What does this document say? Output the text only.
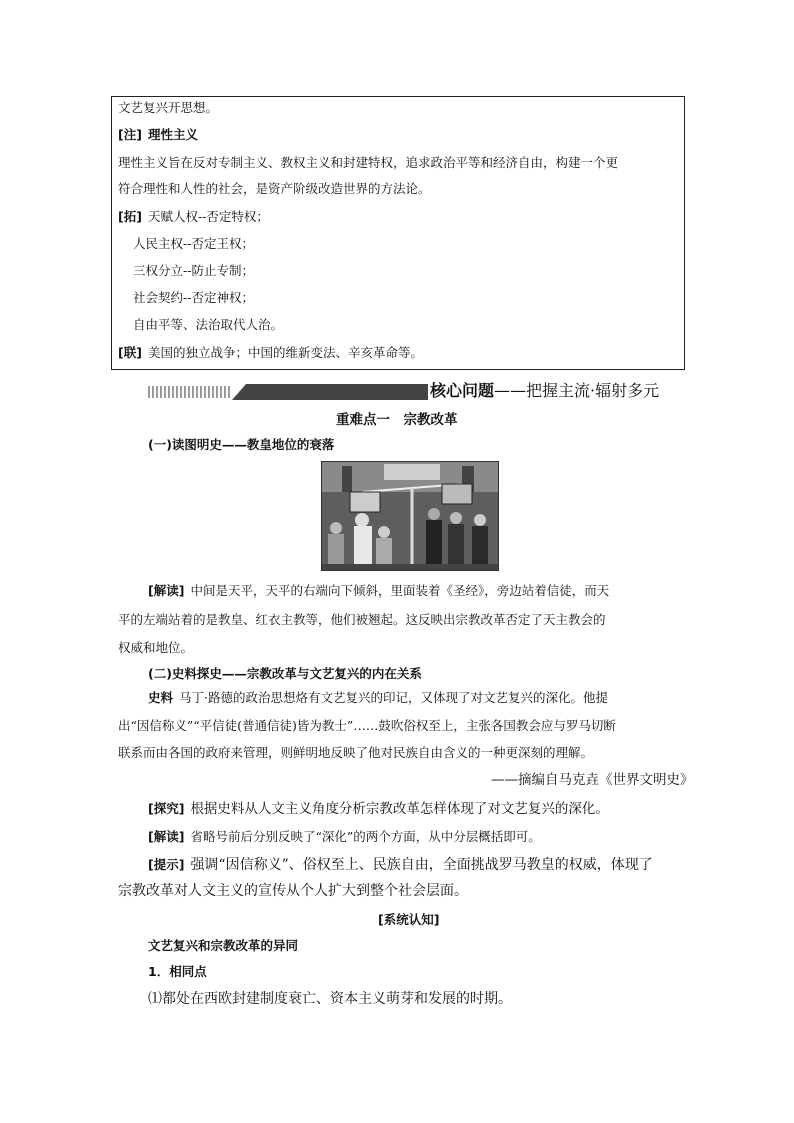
文艺复兴开思想。
[注] 理性主义
理性主义旨在反对专制主义、教权主义和封建特权，追求政治平等和经济自由，构建一个更
符合理性和人性的社会，是资产阶级改造世界的方法论。
[拓] 天赋人权--否定特权；
人民主权--否定王权；
三权分立--防止专制；
社会契约--否定神权；
自由平等、法治取代人治。
[联] 美国的独立战争；中国的维新变法、辛亥革命等。
核心问题——把握主流·辐射多元
重难点一　宗教改革
(一)读图明史——教皇地位的衰落
[解读] 中间是天平，天平的右端向下倾斜，里面装着《圣经》，旁边站着信徒，而天
平的左端站着的是教皇、红衣主教等，他们被翘起。这反映出宗教改革否定了天主教会的
权威和地位。
(二)史料探史——宗教改革与文艺复兴的内在关系
史料 马丁·路德的政治思想烙有文艺复兴的印记，又体现了对文艺复兴的深化。他提
出“因信称义”“平信徒(普通信徒)皆为教士”……鼓吹俗权至上，主张各国教会应与罗马切断
联系而由各国的政府来管理，则鲜明地反映了他对民族自由含义的一种更深刻的理解。
——摘编自马克垚《世界文明史》
[探究] 根据史料从人文主义角度分析宗教改革怎样体现了对文艺复兴的深化。
[解读] 省略号前后分别反映了“深化”的两个方面，从中分层概括即可。
[提示] 强调“因信称义”、俗权至上、民族自由，全面挑战罗马教皇的权威，体现了
宗教改革对人文主义的宣传从个人扩大到整个社会层面。
[系统认知]
文艺复兴和宗教改革的异同
1．相同点
⑴都处在西欧封建制度衰亡、资本主义萌芽和发展的时期。
